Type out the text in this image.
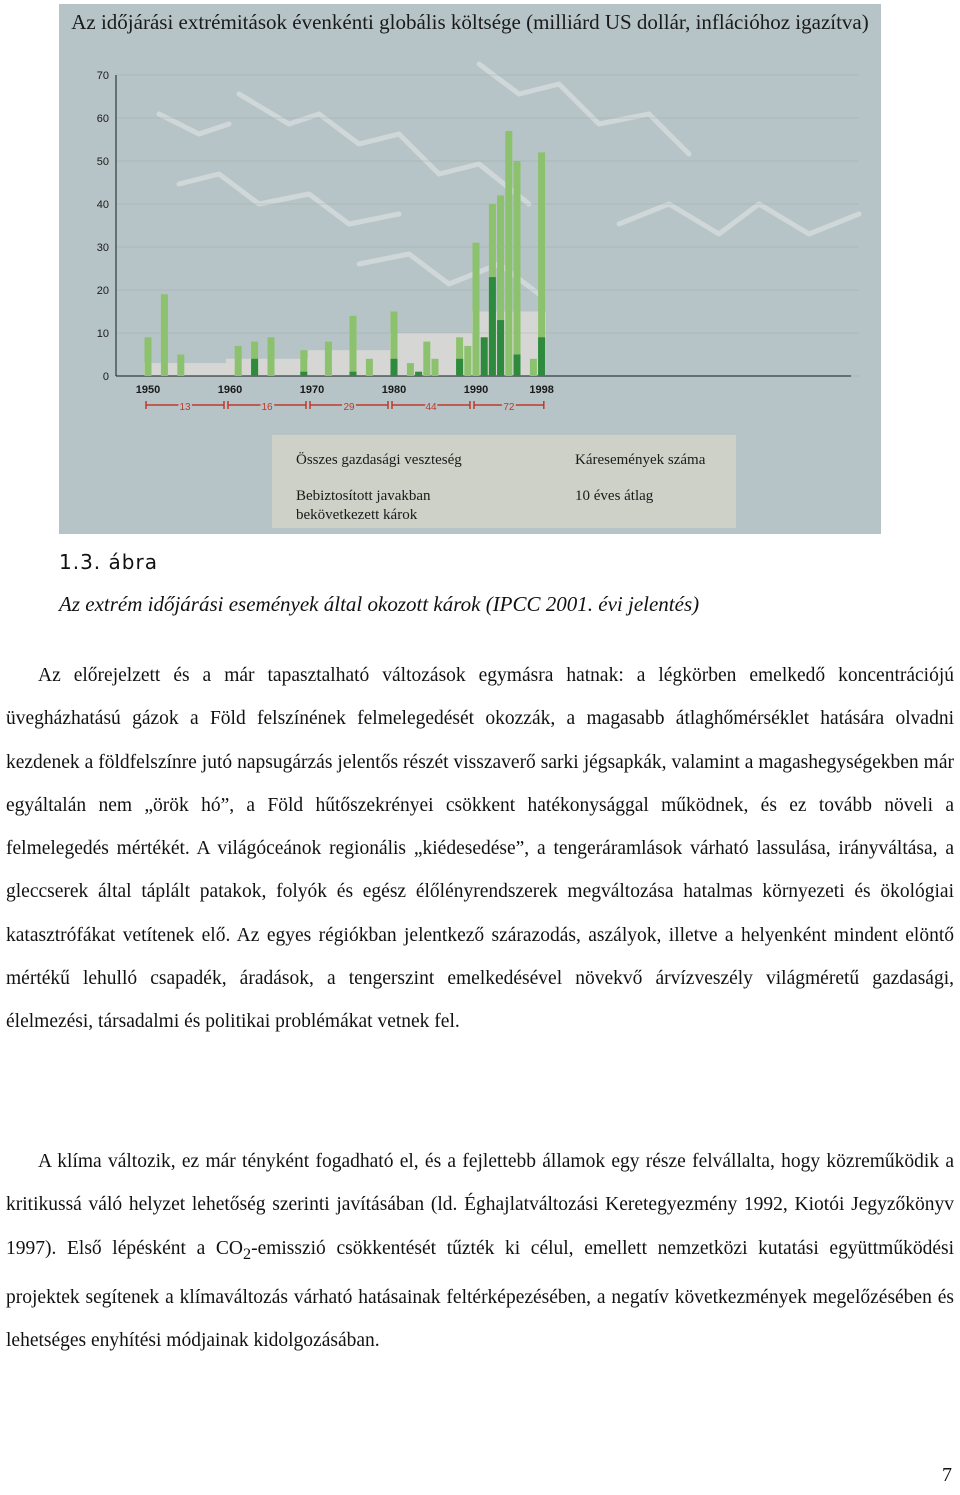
0
10
20
30
40
50
60
70
1950	1960	1970	1980	1990	1998
13	16	29	44	72
Az időjárási extrémitások évenkénti globális költsége (milliárd US dollár, inflációhoz igazítva)
Összes gazdasági veszteség
Bebiztosított javakban
bekövetkezett károk
Káresemények száma
10 éves átlag
1.3. ábra
Az extrém időjárási események által okozott károk (IPCC 2001. évi jelentés)

Az előrejelzett és a már tapasztalható változások egymásra hatnak: a légkörben emelkedő koncentrációjú üvegházhatású gázok a Föld felszínének felmelegedését okozzák, a magasabb átlaghőmérséklet hatására olvadni kezdenek a földfelszínre jutó napsugárzás jelentős részét visszaverő sarki jégsapkák, valamint a magashegységekben már egyáltalán nem „örök hó”, a Föld hűtőszekrényei csökkent hatékonysággal működnek, és ez tovább növeli a felmelegedés mértékét. A világóceánok regionális „kiédesedése”, a tengeráramlások várható lassulása, irányváltása, a gleccserek által táplált patakok, folyók és egész élőlényrendszerek megváltozása hatalmas környezeti és ökológiai katasztrófákat vetítenek elő. Az egyes régiókban jelentkező szárazodás, aszályok, illetve a helyenként mindent elöntő mértékű lehulló csapadék, áradások, a tengerszint emelkedésével növekvő árvízveszély világméretű gazdasági, élelmezési, társadalmi és politikai problémákat vetnek fel.

A klíma változik, ez már tényként fogadható el, és a fejlettebb államok egy része felvállalta, hogy közreműködik a kritikussá váló helyzet lehetőség szerinti javításában (ld. Éghajlatváltozási Keretegyezmény 1992, Kiotói Jegyzőkönyv 1997). Első lépésként a $CO_2$-emisszió csökkentését tűzték ki célul, emellett nemzetközi kutatási együttműködési projektek segítenek a klímaváltozás várható hatásainak feltérképezésében, a negatív következmények megelőzésében és lehetséges enyhítési módjainak kidolgozásában.

7
